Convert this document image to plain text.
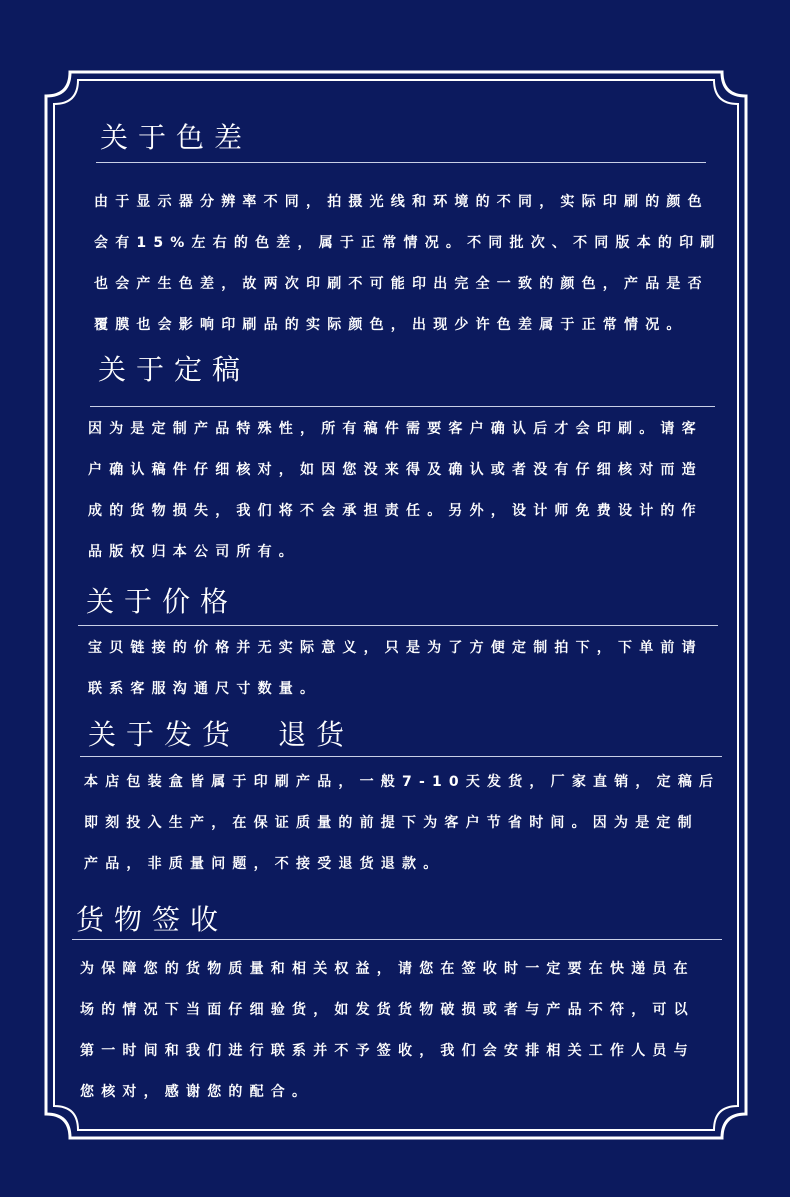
关于色差
由于显示器分辨率不同，拍摄光线和环境的不同，实际印刷的颜色
会有15%左右的色差，属于正常情况。不同批次、不同版本的印刷
也会产生色差，故两次印刷不可能印出完全一致的颜色，产品是否
覆膜也会影响印刷品的实际颜色，出现少许色差属于正常情况。
关于定稿
因为是定制产品特殊性，所有稿件需要客户确认后才会印刷。请客
户确认稿件仔细核对，如因您没来得及确认或者没有仔细核对而造
成的货物损失，我们将不会承担责任。另外，设计师免费设计的作
品版权归本公司所有。
关于价格
宝贝链接的价格并无实际意义，只是为了方便定制拍下，下单前请
联系客服沟通尺寸数量。
关于发货　退货
本店包装盒皆属于印刷产品，一般7-10天发货，厂家直销，定稿后
即刻投入生产，在保证质量的前提下为客户节省时间。因为是定制
产品，非质量问题，不接受退货退款。
货物签收
为保障您的货物质量和相关权益，请您在签收时一定要在快递员在
场的情况下当面仔细验货，如发货货物破损或者与产品不符，可以
第一时间和我们进行联系并不予签收，我们会安排相关工作人员与
您核对，感谢您的配合。
